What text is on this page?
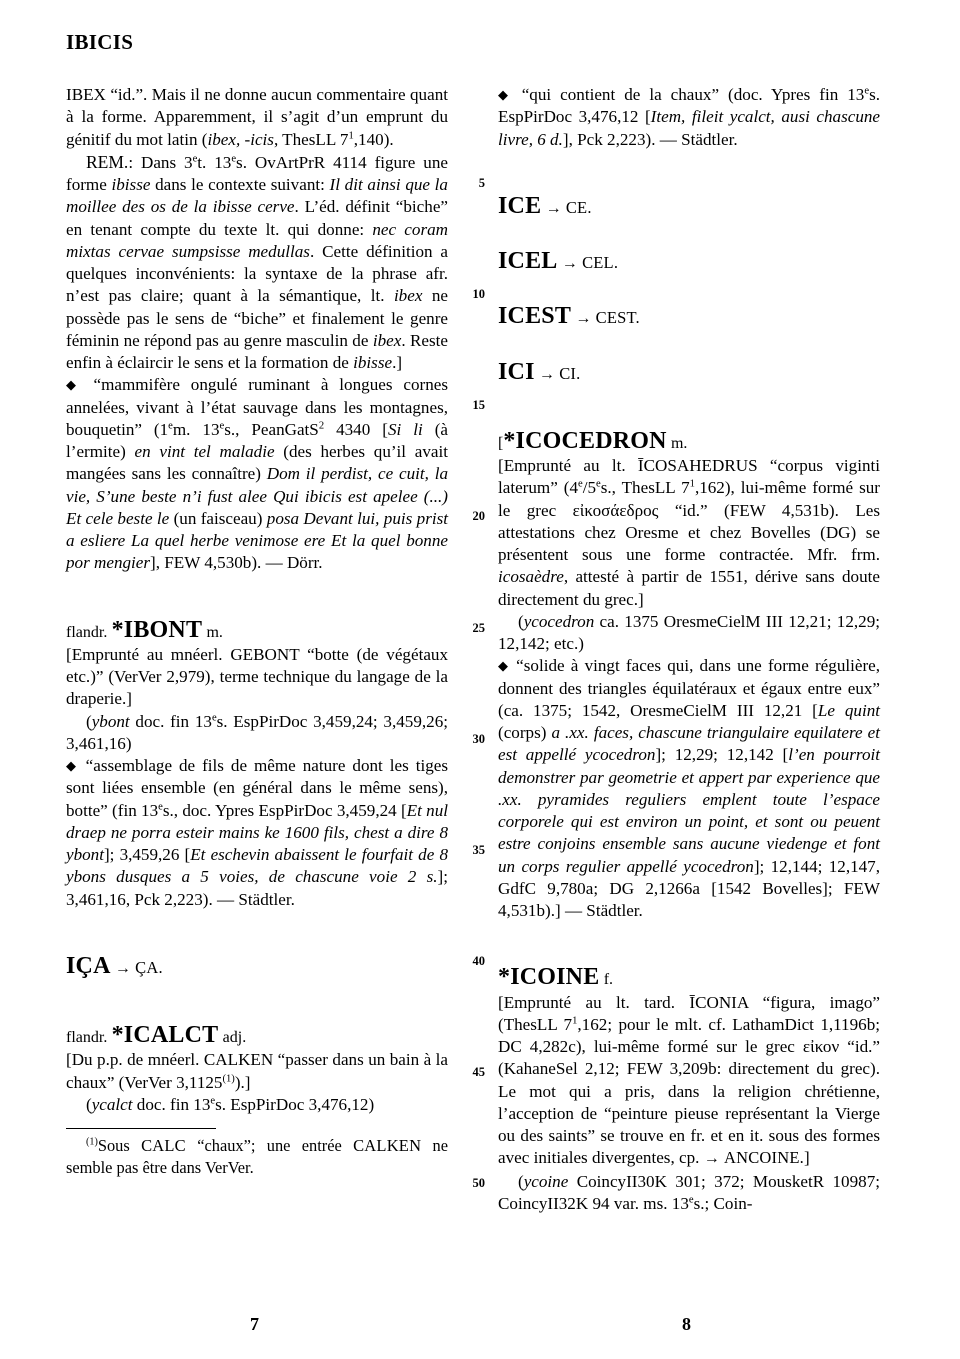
IBICIS

IBEX “id.”. Mais il ne donne aucun commentaire quant à la forme. Apparemment, il s’agit d’un emprunt du génitif du mot latin (ibex, -icis, ThesLL $7^1,140$).

REM.: Dans 3et. 13es. OvArtPrR 4114 figure une forme ibisse dans le contexte suivant: Il dit ainsi que la moillee des os de la ibisse cerve. L’éd. définit “biche” en tenant compte du texte lt. qui donne: nec coram mixtas cervae sumpsisse medullas. Cette définition a quelques inconvénients: la syntaxe de la phrase afr. n’est pas claire; quant à la sémantique, lt. ibex ne possède pas le sens de “biche” et finalement le genre féminin ne répond pas au genre masculin de ibex. Reste enfin à éclaircir le sens et la formation de ibisse.]

◆ “mammifère ongulé ruminant à longues cornes annelées, vivant à l’état sauvage dans les montagnes, bouquetin” (1em. 13es., PeanGatS$^2$ 4340 [Si li (à l’ermite) en vint tel maladie (des herbes qu’il avait mangées sans les connaître) Dom il perdist, ce cuit, la vie, S’une beste n’i fust alee Qui ibicis est apelee (...) Et cele beste le (un faisceau) posa Devant lui, puis prist a esliere La quel herbe venimose ere Et la quel bonne por mengier], FEW 4,530b). — Dörr.

flandr. *IBONT m.

[Emprunté au mnéerl. GEBONT “botte (de végétaux etc.)” (VerVer 2,979), terme technique du langage de la draperie.]

(ybont doc. fin 13es. EspPirDoc 3,459,24; 3,459,26; 3,461,16)

◆ “assemblage de fils de même nature dont les tiges sont liées ensemble (en général dans le même sens), botte” (fin 13es., doc. Ypres EspPirDoc 3,459,24 [Et nul draep ne porra esteir mains ke 1600 fils, chest a dire 8 ybont]; 3,459,26 [Et eschevin abaissent le fourfait de 8 ybons dusques a 5 voies, de chascune voie 2 s.]; 3,461,16, Pck 2,223). — Städtler.

IÇA → ÇA.

flandr. *ICALCT adj.

[Du p.p. de mnéerl. CALKEN “passer dans un bain à la chaux” (VerVer 3,1125$^{(1)}$).]

(ycalct doc. fin 13es. EspPirDoc 3,476,12)

$^{(1)}$Sous CALC “chaux”; une entrée CALKEN ne semble pas être dans VerVer.

5
10
15
20
25
30
35
40
45
50

◆ “qui contient de la chaux” (doc. Ypres fin 13es. EspPirDoc 3,476,12 [Item, fileit ycalct, ausi chascune livre, 6 d.], Pck 2,223). — Städtler.

ICE → CE.

ICEL → CEL.

ICEST → CEST.

ICI → CI.

[*ICOCEDRON m.

[Emprunté au lt. ĪCOSAHEDRUS “corpus viginti laterum” (4e/5es., ThesLL $7^1,162$), lui-même formé sur le grec εἰκοσάεδρος “id.” (FEW 4,531b). Les attestations chez Oresme et chez Bovelles (DG) se présentent sous une forme contractée. Mfr. frm. icosaèdre, attesté à partir de 1551, dérive sans doute directement du grec.]

(ycocedron ca. 1375 OresmeCielM III 12,21; 12,29; 12,142; etc.)

◆ “solide à vingt faces qui, dans une forme régulière, donnent des triangles équilatéraux et égaux entre eux” (ca. 1375; 1542, OresmeCielM III 12,21 [Le quint (corps) a .xx. faces, chascune triangulaire equilatere et est appellé ycocedron]; 12,29; 12,142 [l’en pourroit demonstrer par geometrie et appert par experience que .xx. pyramides reguliers emplent toute l’espace corporele qui est environ un point, et sont ou peuent estre conjoins ensemble sans aucune viedenge et font un corps regulier appellé ycocedron]; 12,144; 12,147, GdfC 9,780a; DG 2,1266a [1542 Bovelles]; FEW 4,531b).] — Städtler.

*ICOINE f.

[Emprunté au lt. tard. ĪCONIA “figura, imago” (ThesLL $7^1,162$; pour le mlt. cf. LathamDict 1,1196b; DC 4,282c), lui-même formé sur le grec εἰκον “id.” (KahaneSel 2,12; FEW 3,209b: directement du grec). Le mot qui a pris, dans la religion chrétienne, l’acception de “peinture pieuse représentant la Vierge ou des saints” se trouve en fr. et en it. sous des formes avec initiales divergentes, cp. → ANCOINE.]

(ycoine CoincyII30K 301; 372; MousketR 10987; CoincyII32K 94 var. ms. 13es.; Coin-

7	8
